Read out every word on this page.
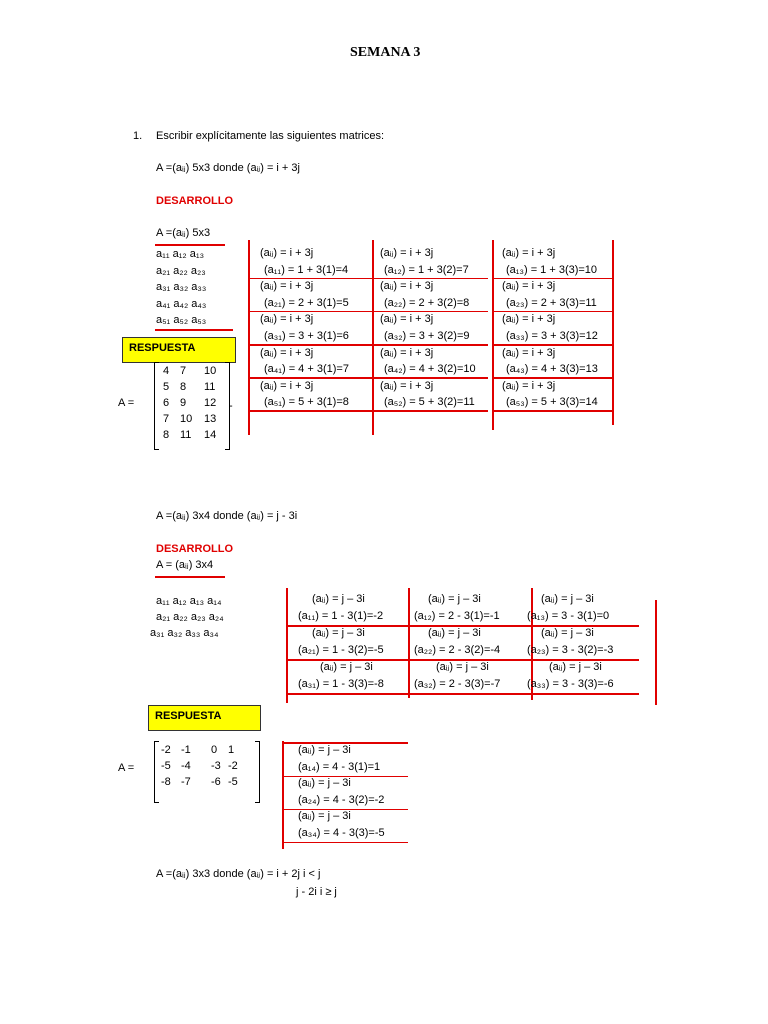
SEMANA 3
1. Escribir explícitamente las siguientes matrices:
A =(aᵢⱼ) 5x3 donde (aᵢⱼ) = i + 3j
DESARROLLO
A =(aᵢⱼ) 5x3
a₁₁ a₁₂ a₁₃
a₂₁ a₂₂ a₂₃
a₃₁ a₃₂ a₃₃
a₄₁ a₄₂ a₄₃
a₅₁ a₅₂ a₅₃
RESPUESTA
A =
4 7 10
5 8 11
6 9 12
7 10 13
8 11 14
-
(aᵢⱼ) = i + 3j
(a₁₁) = 1 + 3(1)=4
(aᵢⱼ) = i + 3j
(a₂₁) = 2 + 3(1)=5
(aᵢⱼ) = i + 3j
(a₃₁) = 3 + 3(1)=6
(aᵢⱼ) = i + 3j
(a₄₁) = 4 + 3(1)=7
(aᵢⱼ) = i + 3j
(a₅₁) = 5 + 3(1)=8
(aᵢⱼ) = i + 3j
(a₁₂) = 1 + 3(2)=7
(aᵢⱼ) = i + 3j
(a₂₂) = 2 + 3(2)=8
(aᵢⱼ) = i + 3j
(a₃₂) = 3 + 3(2)=9
(aᵢⱼ) = i + 3j
(a₄₂) = 4 + 3(2)=10
(aᵢⱼ) = i + 3j
(a₅₂) = 5 + 3(2)=11
(aᵢⱼ) = i + 3j
(a₁₃) = 1 + 3(3)=10
(aᵢⱼ) = i + 3j
(a₂₃) = 2 + 3(3)=11
(aᵢⱼ) = i + 3j
(a₃₃) = 3 + 3(3)=12
(aᵢⱼ) = i + 3j
(a₄₃) = 4 + 3(3)=13
(aᵢⱼ) = i + 3j
(a₅₃) = 5 + 3(3)=14
A =(aᵢⱼ) 3x4 donde (aᵢⱼ) = j - 3i
DESARROLLO
A = (aᵢⱼ) 3x4
a₁₁ a₁₂ a₁₃ a₁₄
a₂₁ a₂₂ a₂₃ a₂₄
a₃₁ a₃₂ a₃₃ a₃₄
(aᵢⱼ) = j – 3i
(a₁₁) = 1 - 3(1)=-2
(aᵢⱼ) = j – 3i
(a₂₁) = 1 - 3(2)=-5
(aᵢⱼ) = j – 3i
(a₃₁) = 1 - 3(3)=-8
(aᵢⱼ) = j – 3i
(a₁₂) = 2 - 3(1)=-1
(aᵢⱼ) = j – 3i
(a₂₂) = 2 - 3(2)=-4
(aᵢⱼ) = j – 3i
(a₃₂) = 2 - 3(3)=-7
(aᵢⱼ) = j – 3i
(a₁₃) = 3 - 3(1)=0
(aᵢⱼ) = j – 3i
(a₂₃) = 3 - 3(2)=-3
(aᵢⱼ) = j – 3i
(a₃₃) = 3 - 3(3)=-6
RESPUESTA
A =
-2 -1 0 1
-5 -4 -3 -2
-8 -7 -6 -5
(aᵢⱼ) = j – 3i
(a₁₄) = 4 - 3(1)=1
(aᵢⱼ) = j – 3i
(a₂₄) = 4 - 3(2)=-2
(aᵢⱼ) = j – 3i
(a₃₄) = 4 - 3(3)=-5
A =(aᵢⱼ) 3x3 donde (aᵢⱼ) = i + 2j i < j
j - 2i i ≥ j
